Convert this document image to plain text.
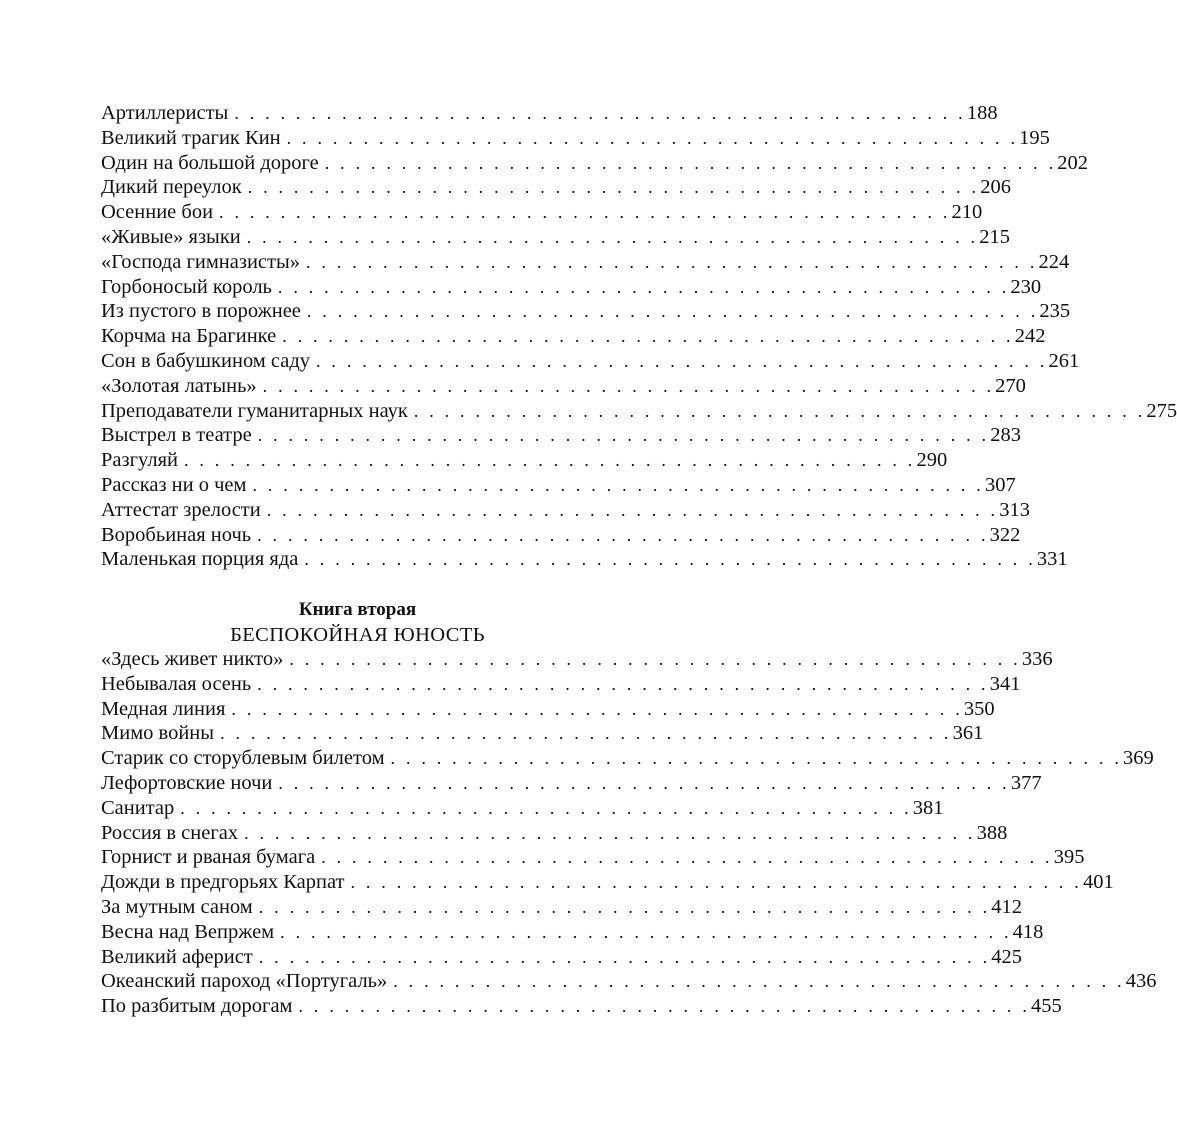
Артиллеристы . . . . . . . . . . . . . . . . . . . . . . . . . . . . . . . . . . . . . . . . . . . . . . . . 188
Великий трагик Кин . . . . . . . . . . . . . . . . . . . . . . . . . . . . . . . . . . . . . . . . . . . . . . . . 195
Один на большой дороге . . . . . . . . . . . . . . . . . . . . . . . . . . . . . . . . . . . . . . . . . . . . . . . . 202
Дикий переулок . . . . . . . . . . . . . . . . . . . . . . . . . . . . . . . . . . . . . . . . . . . . . . . . 206
Осенние бои . . . . . . . . . . . . . . . . . . . . . . . . . . . . . . . . . . . . . . . . . . . . . . . . 210
«Живые» языки . . . . . . . . . . . . . . . . . . . . . . . . . . . . . . . . . . . . . . . . . . . . . . . . 215
«Господа гимназисты» . . . . . . . . . . . . . . . . . . . . . . . . . . . . . . . . . . . . . . . . . . . . . . . . 224
Горбоносый король . . . . . . . . . . . . . . . . . . . . . . . . . . . . . . . . . . . . . . . . . . . . . . . . 230
Из пустого в порожнее . . . . . . . . . . . . . . . . . . . . . . . . . . . . . . . . . . . . . . . . . . . . . . . . 235
Корчма на Брагинке . . . . . . . . . . . . . . . . . . . . . . . . . . . . . . . . . . . . . . . . . . . . . . . . 242
Сон в бабушкином саду . . . . . . . . . . . . . . . . . . . . . . . . . . . . . . . . . . . . . . . . . . . . . . . . 261
«Золотая латынь» . . . . . . . . . . . . . . . . . . . . . . . . . . . . . . . . . . . . . . . . . . . . . . . . 270
Преподаватели гуманитарных наук . . . . . . . . . . . . . . . . . . . . . . . . . . . . . . . . . . . . . . . . . . . . . . . . 275
Выстрел в театре . . . . . . . . . . . . . . . . . . . . . . . . . . . . . . . . . . . . . . . . . . . . . . . . 283
Разгуляй . . . . . . . . . . . . . . . . . . . . . . . . . . . . . . . . . . . . . . . . . . . . . . . . 290
Рассказ ни о чем . . . . . . . . . . . . . . . . . . . . . . . . . . . . . . . . . . . . . . . . . . . . . . . . 307
Аттестат зрелости . . . . . . . . . . . . . . . . . . . . . . . . . . . . . . . . . . . . . . . . . . . . . . . . 313
Воробьиная ночь . . . . . . . . . . . . . . . . . . . . . . . . . . . . . . . . . . . . . . . . . . . . . . . . 322
Маленькая порция яда . . . . . . . . . . . . . . . . . . . . . . . . . . . . . . . . . . . . . . . . . . . . . . . . 331
Книга вторая
БЕСПОКОЙНАЯ ЮНОСТЬ
«Здесь живет никто» . . . . . . . . . . . . . . . . . . . . . . . . . . . . . . . . . . . . . . . . . . . . . . . . 336
Небывалая осень . . . . . . . . . . . . . . . . . . . . . . . . . . . . . . . . . . . . . . . . . . . . . . . . 341
Медная линия . . . . . . . . . . . . . . . . . . . . . . . . . . . . . . . . . . . . . . . . . . . . . . . . 350
Мимо войны . . . . . . . . . . . . . . . . . . . . . . . . . . . . . . . . . . . . . . . . . . . . . . . . 361
Старик со сторублевым билетом . . . . . . . . . . . . . . . . . . . . . . . . . . . . . . . . . . . . . . . . . . . . . . . . 369
Лефортовские ночи . . . . . . . . . . . . . . . . . . . . . . . . . . . . . . . . . . . . . . . . . . . . . . . . 377
Санитар . . . . . . . . . . . . . . . . . . . . . . . . . . . . . . . . . . . . . . . . . . . . . . . . 381
Россия в снегах . . . . . . . . . . . . . . . . . . . . . . . . . . . . . . . . . . . . . . . . . . . . . . . . 388
Горнист и рваная бумага . . . . . . . . . . . . . . . . . . . . . . . . . . . . . . . . . . . . . . . . . . . . . . . . 395
Дожди в предгорьях Карпат . . . . . . . . . . . . . . . . . . . . . . . . . . . . . . . . . . . . . . . . . . . . . . . . 401
За мутным саном . . . . . . . . . . . . . . . . . . . . . . . . . . . . . . . . . . . . . . . . . . . . . . . . 412
Весна над Вепржем . . . . . . . . . . . . . . . . . . . . . . . . . . . . . . . . . . . . . . . . . . . . . . . . 418
Великий аферист . . . . . . . . . . . . . . . . . . . . . . . . . . . . . . . . . . . . . . . . . . . . . . . . 425
Океанский пароход «Португаль» . . . . . . . . . . . . . . . . . . . . . . . . . . . . . . . . . . . . . . . . . . . . . . . . 436
По разбитым дорогам . . . . . . . . . . . . . . . . . . . . . . . . . . . . . . . . . . . . . . . . . . . . . . . . 455
